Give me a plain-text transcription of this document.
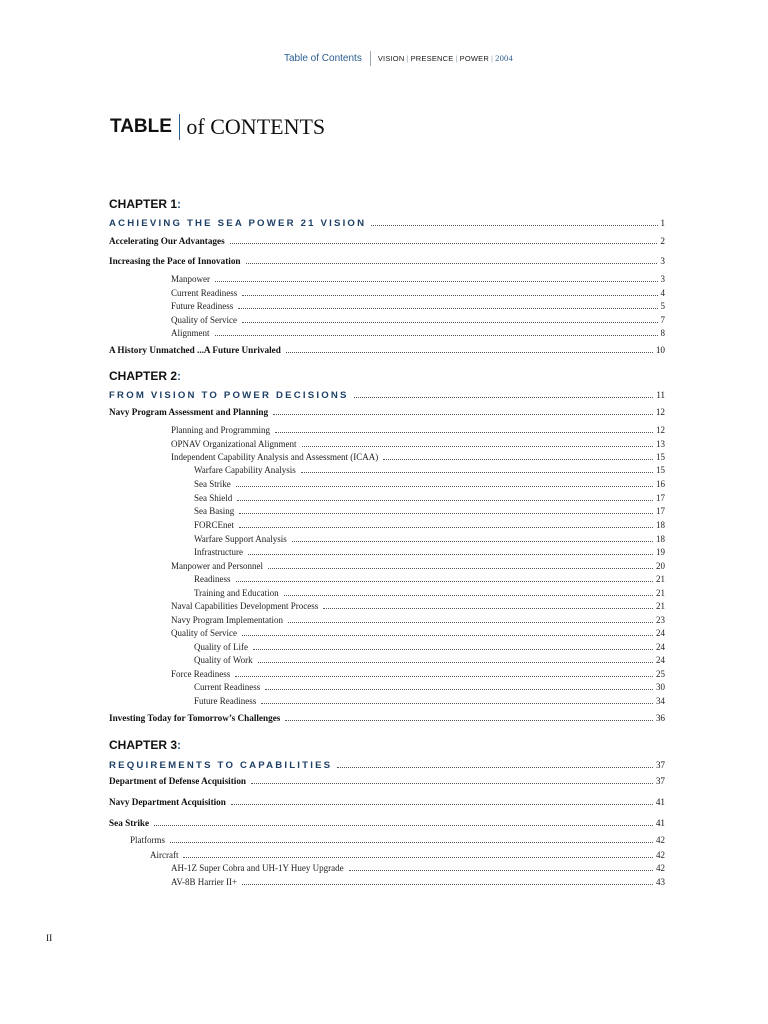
Table of Contents	VISION | PRESENCE | POWER | 2004
TABLE of CONTENTS
CHAPTER 1:
ACHIEVING THE SEA POWER 21 VISION	1
Accelerating Our Advantages	2
Increasing the Pace of Innovation	3
Manpower	3
Current Readiness	4
Future Readiness	5
Quality of Service	7
Alignment	8
A History Unmatched ...A Future Unrivaled	10
CHAPTER 2:
FROM VISION TO POWER DECISIONS	11
Navy Program Assessment and Planning	12
Planning and Programming	12
OPNAV Organizational Alignment	13
Independent Capability Analysis and Assessment (ICAA)	15
Warfare Capability Analysis	15
Sea Strike	16
Sea Shield	17
Sea Basing	17
FORCEnet	18
Warfare Support Analysis	18
Infrastructure	19
Manpower and Personnel	20
Readiness	21
Training and Education	21
Naval Capabilities Development Process	21
Navy Program Implementation	23
Quality of Service	24
Quality of Life	24
Quality of Work	24
Force Readiness	25
Current Readiness	30
Future Readiness	34
Investing Today for Tomorrow’s Challenges	36
CHAPTER 3:
REQUIREMENTS TO CAPABILITIES	37
Department of Defense Acquisition	37
Navy Department Acquisition	41
Sea Strike	41
Platforms	42
Aircraft	42
AH-1Z Super Cobra and UH-1Y Huey Upgrade	42
AV-8B Harrier II+	43
II
